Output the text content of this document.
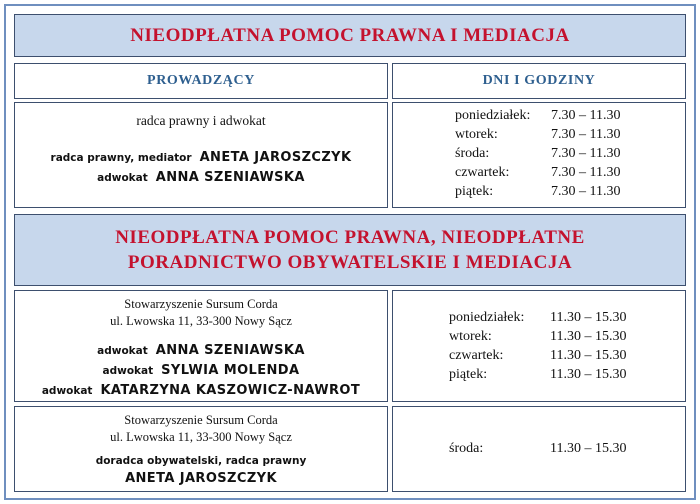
NIEODPŁATNA POMOC PRAWNA I MEDIACJA
PROWADZĄCY	DNI I GODZINY
radca prawny i adwokat
radca prawny, mediator ANETA JAROSZCZYK
adwokat ANNA SZENIAWSKA
poniedziałek: 7.30 – 11.30
wtorek:	7.30 – 11.30
środa:	7.30 – 11.30
czwartek:	7.30 – 11.30
piątek:	7.30 – 11.30
NIEODPŁATNA POMOC PRAWNA, NIEODPŁATNE
PORADNICTWO OBYWATELSKIE I MEDIACJA
Stowarzyszenie Sursum Corda
ul. Lwowska 11, 33-300 Nowy Sącz
adwokat ANNA SZENIAWSKA
adwokat SYLWIA MOLENDA
adwokat KATARZYNA KASZOWICZ-NAWROT
poniedziałek: 11.30 – 15.30
wtorek:	11.30 – 15.30
czwartek:	11.30 – 15.30
piątek:	11.30 – 15.30
Stowarzyszenie Sursum Corda
ul. Lwowska 11, 33-300 Nowy Sącz
doradca obywatelski, radca prawny
ANETA JAROSZCZYK
środa:	11.30 – 15.30
